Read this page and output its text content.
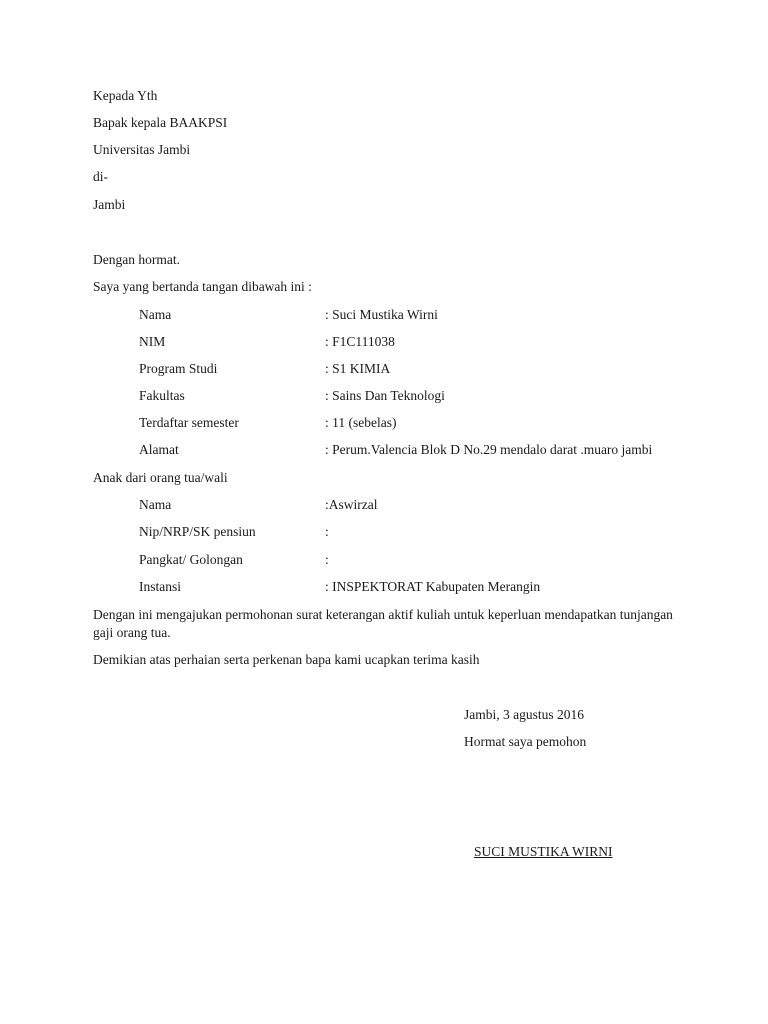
Kepada Yth
Bapak kepala BAAKPSI
Universitas Jambi
di-
Jambi
Dengan hormat.
Saya yang bertanda tangan dibawah ini :
Nama	: Suci Mustika Wirni
NIM	: F1C111038
Program Studi	: S1 KIMIA
Fakultas	: Sains Dan Teknologi
Terdaftar semester	: 11 (sebelas)
Alamat	: Perum.Valencia Blok D No.29 mendalo darat .muaro jambi
Anak dari orang tua/wali
Nama	:Aswirzal
Nip/NRP/SK pensiun	:
Pangkat/ Golongan	:
Instansi	: INSPEKTORAT Kabupaten Merangin
Dengan ini mengajukan permohonan surat keterangan aktif kuliah untuk keperluan mendapatkan tunjangan gaji orang tua.
Demikian atas perhaian serta perkenan bapa kami ucapkan terima kasih
Jambi, 3 agustus 2016
Hormat saya pemohon
SUCI MUSTIKA WIRNI
